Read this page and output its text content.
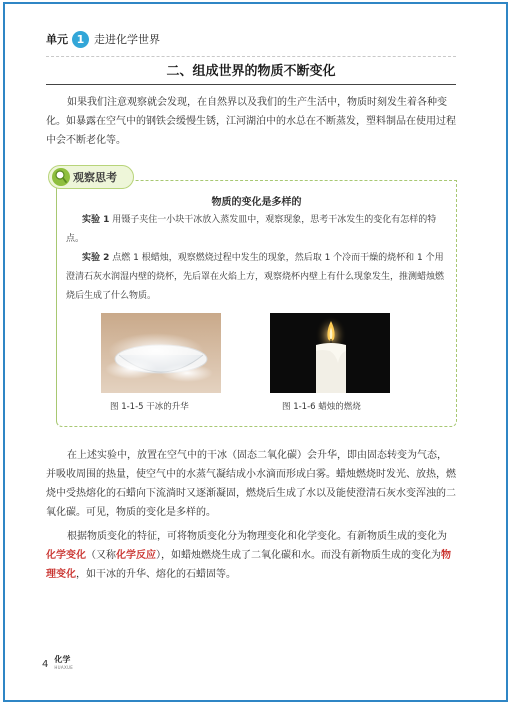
单元 1 走进化学世界
二、组成世界的物质不断变化

如果我们注意观察就会发现，在自然界以及我们的生产生活中，物质时刻发生着各种变化。如暴露在空气中的钢铁会缓慢生锈，江河湖泊中的水总在不断蒸发，塑料制品在使用过程中会不断老化等。

观察思考
物质的变化是多样的

实验 1 用镊子夹住一小块干冰放入蒸发皿中，观察现象，思考干冰发生的变化有怎样的特点。

实验 2 点燃 1 根蜡烛，观察燃烧过程中发生的现象，然后取 1 个冷而干燥的烧杯和 1 个用澄清石灰水润湿内壁的烧杯，先后罩在火焰上方，观察烧杯内壁上有什么现象发生，推测蜡烛燃烧后生成了什么物质。

图 1-1-5 干冰的升华	图 1-1-6 蜡烛的燃烧

在上述实验中，放置在空气中的干冰（固态二氧化碳）会升华，即由固态转变为气态，并吸收周围的热量，使空气中的水蒸气凝结成小水滴而形成白雾。蜡烛燃烧时发光、放热，燃烧中受热熔化的石蜡向下流淌时又逐渐凝固，燃烧后生成了水以及能使澄清石灰水变浑浊的二氧化碳。可见，物质的变化是多样的。

根据物质变化的特征，可将物质变化分为物理变化和化学变化。有新物质生成的变化为化学变化（又称化学反应），如蜡烛燃烧生成了二氧化碳和水。而没有新物质生成的变化为物理变化，如干冰的升华、熔化的石蜡固等。

4 化学
HUAXUE
